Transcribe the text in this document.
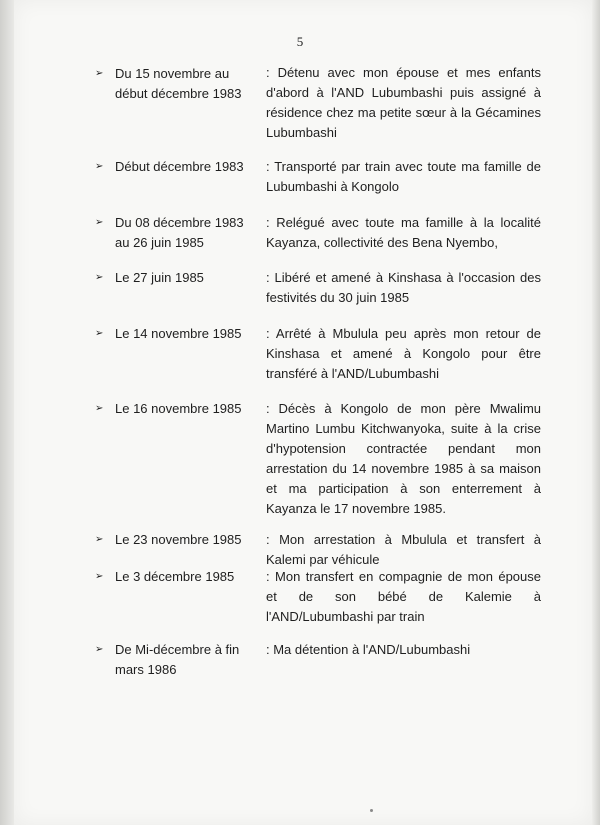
5
➢ Du 15 novembre au
début décembre 1983
: Détenu avec mon épouse et mes enfants d'abord à l'AND Lubumbashi puis assigné à résidence chez ma petite sœur à la Gécamines Lubumbashi
➢ Début décembre 1983	: Transporté par train avec toute ma famille de Lubumbashi à Kongolo
➢ Du 08 décembre 1983
au 26 juin 1985
: Relégué avec toute ma famille à la localité Kayanza, collectivité des Bena Nyembo,
➢ Le 27 juin 1985	: Libéré et amené à Kinshasa à l'occasion des festivités du 30 juin 1985
➢ Le 14 novembre 1985	: Arrêté à Mbulula peu après mon retour de Kinshasa et amené à Kongolo pour être transféré à l'AND/Lubumbashi
➢ Le 16 novembre 1985	: Décès à Kongolo de mon père Mwalimu Martino Lumbu Kitchwanyoka, suite à la crise d'hypotension contractée pendant mon arrestation du 14 novembre 1985 à sa maison et ma participation à son enterrement à Kayanza le 17 novembre 1985.
➢ Le 23 novembre 1985	: Mon arrestation à Mbulula et transfert à Kalemi par véhicule
➢ Le 3 décembre 1985	: Mon transfert en compagnie de mon épouse et de son bébé de Kalemie à l'AND/Lubumbashi par train
➢ De Mi-décembre à fin
mars 1986
: Ma détention à l'AND/Lubumbashi
